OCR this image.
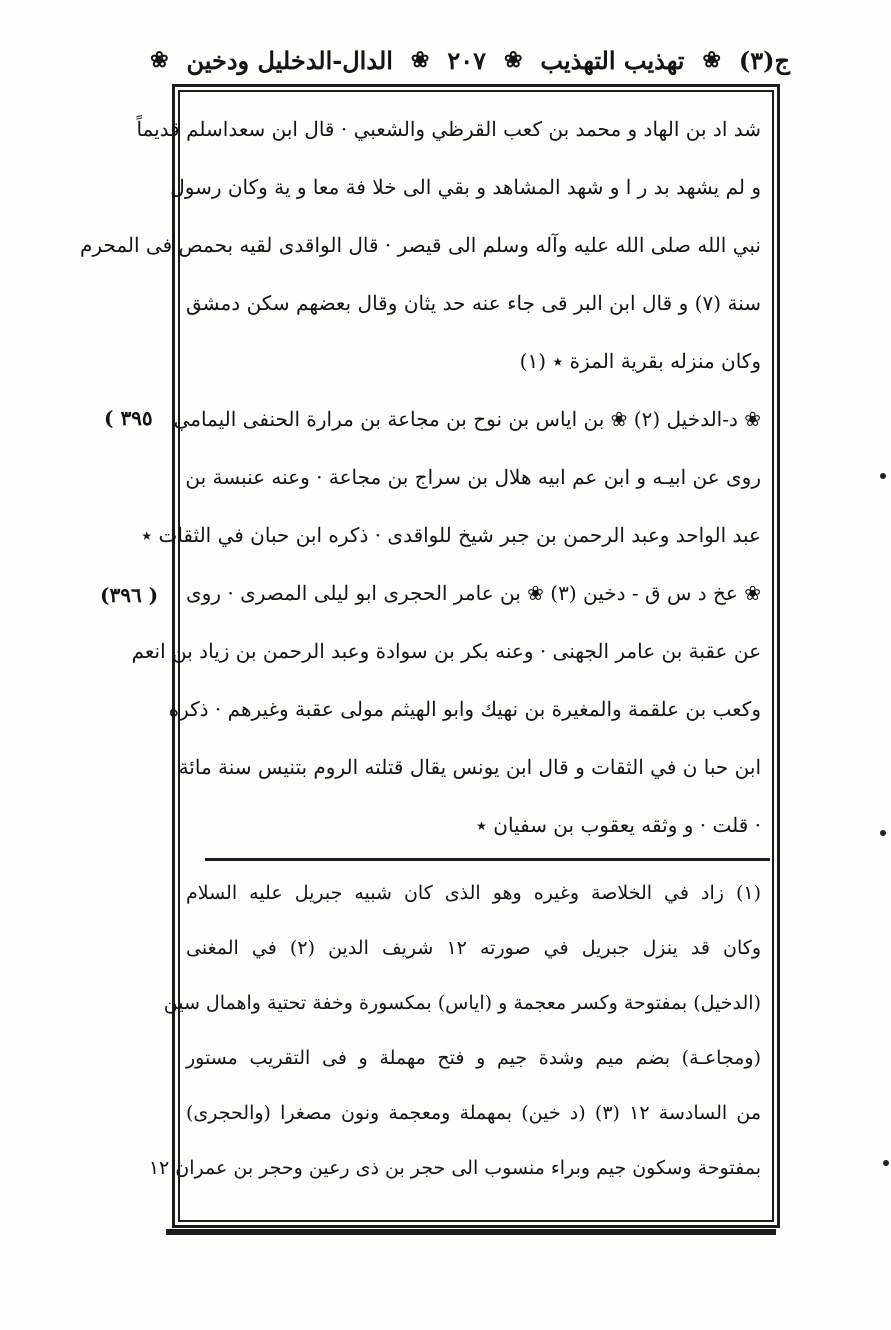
ج(٣)
❀
تهذيب التهذيب
❀
٢٠٧
❀
الدال-الدخليل ودخين
❀
شد اد بن الهاد و محمد بن كعب القرظي والشعبي · قال ابن سعداسلم قديماً
و لم يشهد بد ر ا و شهد المشاهد و بقي الى خلا فة معا و ية وكان رسول
نبي الله صلى الله عليه وآله وسلم الى قيصر · قال الواقدى لقيه بحمص فى المحرم
سنة (٧) و قال ابن البر قى جاء عنه حد يثان وقال بعضهم سكن دمشق
وكان منزله بقرية المزة ٭ (١)
❀ د-الدخيل (٢) ❀ بن اياس بن نوح بن مجاعة بن مرارة الحنفى اليمامي
روى عن ابيـه و ابن عم ابيه هلال بن سراج بن مجاعة · وعنه عنبسة بن
عبد الواحد وعبد الرحمن بن جبر شيخ للواقدى · ذكره ابن حبان في الثقات ٭
❀ عخ د س ق - دخين (٣) ❀ بن عامر الحجرى ابو ليلى المصرى · روى
عن عقبة بن عامر الجهنى · وعنه بكر بن سوادة وعبد الرحمن بن زياد بن انعم
وكعب بن علقمة والمغيرة بن نهيك وابو الهيثم مولى عقبة وغيرهم · ذكره
ابن حبا ن في الثقات و قال ابن يونس يقال قتلته الروم بتنيس سنة مائة
· قلت · و وثقه يعقوب بن سفيان ٭
(١) زاد في الخلاصة وغيره وهو الذى كان شبيه جبريل عليه السلام
وكان قد ينزل جبريل في صورته ١٢ شريف الدين (٢) في المغنى
(الدخيل) بمفتوحة وكسر معجمة و (اياس) بمكسورة وخفة تحتية واهمال سين
(ومجاعـة) بضم ميم وشدة جيم و فتح مهملة و فى التقريب مستور
من السادسة ١٢ (٣) (د خين) بمهملة ومعجمة ونون مصغرا (والحجرى)
بمفتوحة وسكون جيم وبراء منسوب الى حجر بن ذى رعين وحجر بن عمران ١٢
( ٣٩٥
(٣٩٦ )
